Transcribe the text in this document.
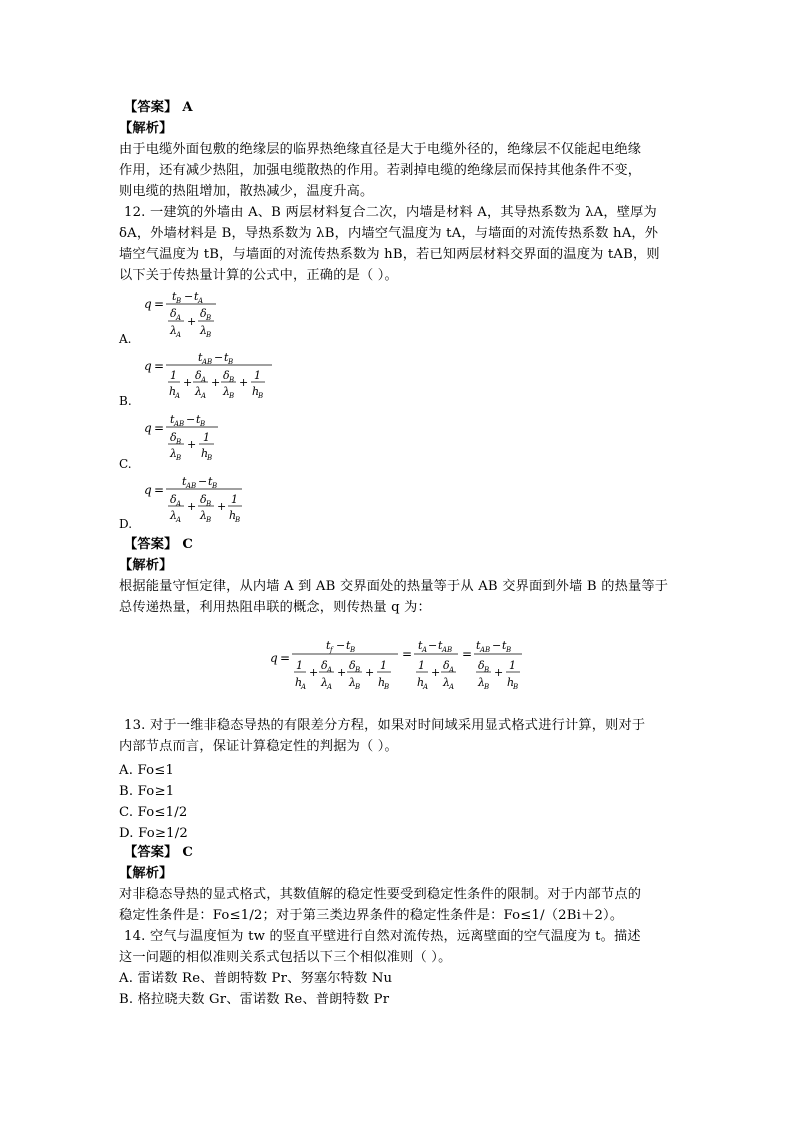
【答案】 A
【解析】
由于电缆外面包敷的绝缘层的临界热绝缘直径是大于电缆外径的，绝缘层不仅能起电绝缘
作用，还有减少热阻，加强电缆散热的作用。若剥掉电缆的绝缘层而保持其他条件不变，
则电缆的热阻增加，散热减少，温度升高。
12. 一建筑的外墙由 A、B 两层材料复合二次，内墙是材料 A，其导热系数为 λA，壁厚为
δA，外墙材料是 B，导热系数为 λB，内墙空气温度为 tA，与墙面的对流传热系数 hA，外
墙空气温度为 tB，与墙面的对流传热系数为 hB，若已知两层材料交界面的温度为 tAB，则
以下关于传热量计算的公式中，正确的是（ ）。
q =
t B − t A
δ A
λ A
+
δ B
λ B
A.
q =
t AB − t B
1
h
A
+
δ A
λ A
+
δ B
λ B
+
1
h
B
B.
q =
t AB − t B
δ B
λ B
+
1
h
B
C.
q =
t AB − t B
δ A
λ A
+
δ B
λ B
+
1
h
B
D.
【答案】 C
【解析】
根据能量守恒定律，从内墙 A 到 AB 交界面处的热量等于从 AB 交界面到外墙 B 的热量等于
总传递热量，利用热阻串联的概念，则传热量 q 为：
q =
t f − t B
1
h
A
+
δ A
λ A
+
δ B
λ B
+
1
h
B
=
t A − t AB
1
h
A
+
δ A
λ A
=
t AB − t B
δ B
λ B
+
1
h
B
13. 对于一维非稳态导热的有限差分方程，如果对时间域采用显式格式进行计算，则对于
内部节点而言，保证计算稳定性的判据为（ ）。
A. Fo≤1
B. Fo≥1
C. Fo≤1/2
D. Fo≥1/2
【答案】 C
【解析】
对非稳态导热的显式格式，其数值解的稳定性要受到稳定性条件的限制。对于内部节点的
稳定性条件是：Fo≤1/2；对于第三类边界条件的稳定性条件是：Fo≤1/（2Bi＋2）。
14. 空气与温度恒为 tw 的竖直平壁进行自然对流传热，远离壁面的空气温度为 t。描述
这一问题的相似准则关系式包括以下三个相似准则（ ）。
A. 雷诺数 Re、普朗特数 Pr、努塞尔特数 Nu
B. 格拉晓夫数 Gr、雷诺数 Re、普朗特数 Pr
